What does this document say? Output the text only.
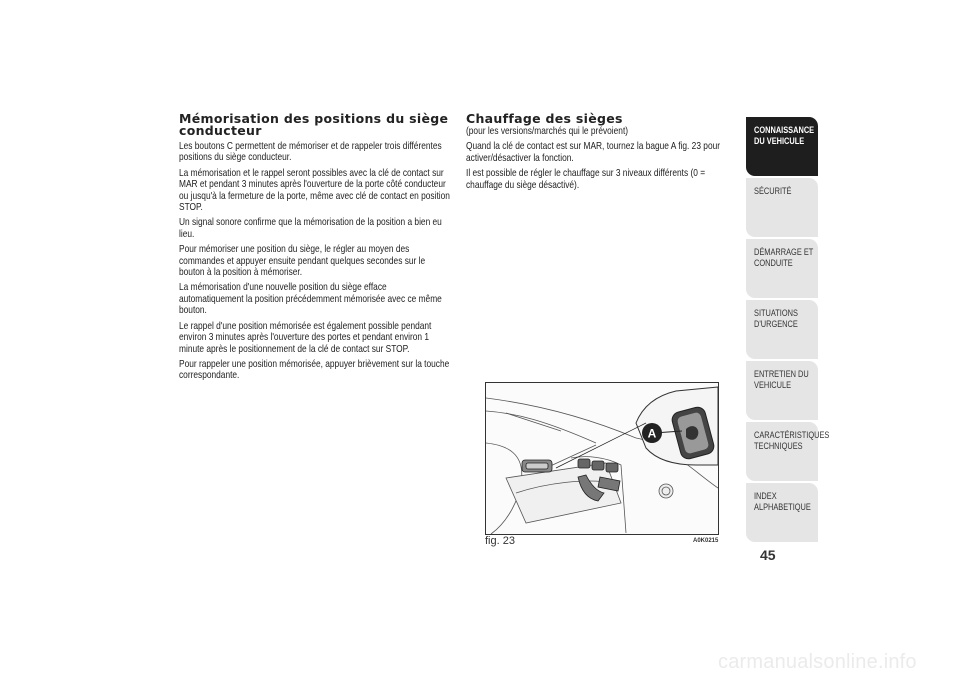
Mémorisation des positions du siège conducteur

Les boutons C permettent de mémoriser et de rappeler trois différentes positions du siège conducteur.

La mémorisation et le rappel seront possibles avec la clé de contact sur MAR et pendant 3 minutes après l'ouverture de la porte côté conducteur ou jusqu'à la fermeture de la porte, même avec clé de contact en position STOP.

Un signal sonore confirme que la mémorisation de la position a bien eu lieu.

Pour mémoriser une position du siège, le régler au moyen des commandes et appuyer ensuite pendant quelques secondes sur le bouton à la position à mémoriser.

La mémorisation d'une nouvelle position du siège efface automatiquement la position précédemment mémorisée avec ce même bouton.

Le rappel d'une position mémorisée est également possible pendant environ 3 minutes après l'ouverture des portes et pendant environ 1 minute après le positionnement de la clé de contact sur STOP.

Pour rappeler une position mémorisée, appuyer brièvement sur la touche correspondante.

Chauffage des sièges

(pour les versions/marchés qui le prévoient)

Quand la clé de contact est sur MAR, tournez la bague A fig. 23 pour activer/désactiver la fonction.

Il est possible de régler le chauffage sur 3 niveaux différents (0 = chauffage du siège désactivé).

A
fig. 23	A0K0215
CONNAISSANCE DU VEHICULE
SÉCURITÉ
DÉMARRAGE ET CONDUITE
SITUATIONS D'URGENCE
ENTRETIEN DU VEHICULE
CARACTÉRISTIQUES TECHNIQUES
INDEX ALPHABETIQUE
45
carmanualsonline.info
